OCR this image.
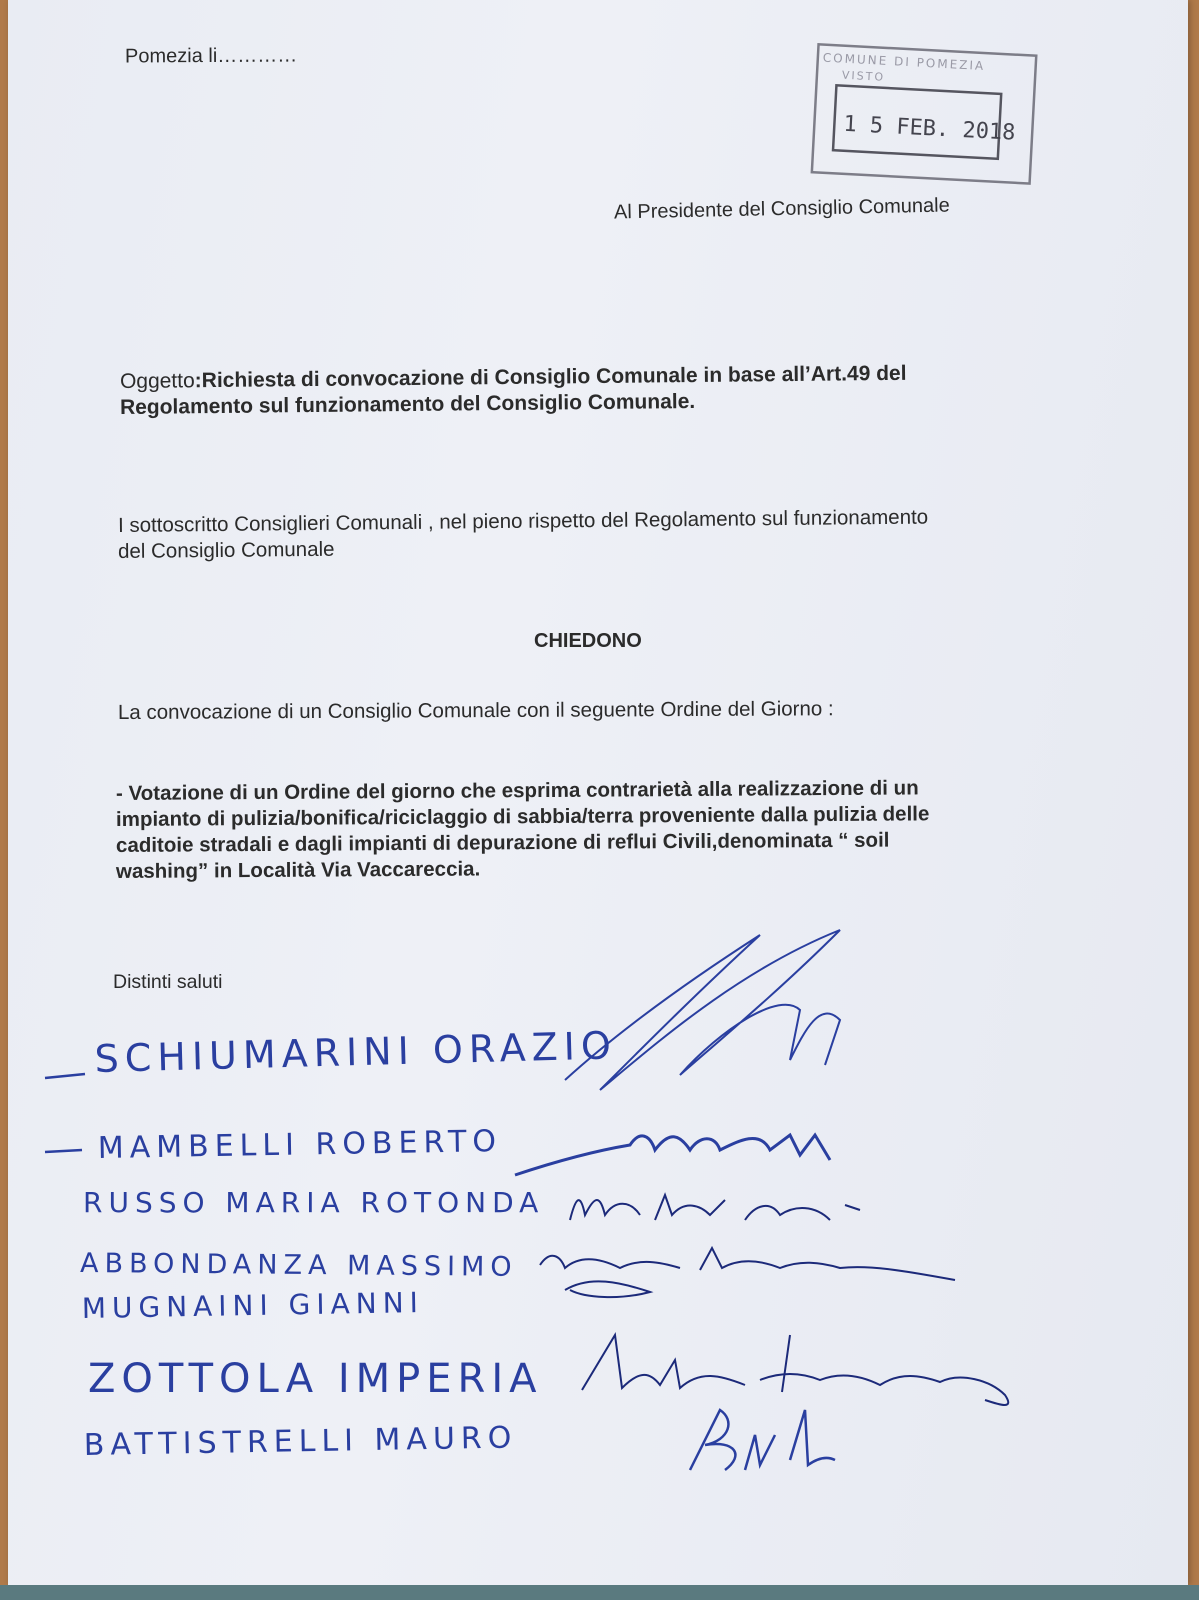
Pomezia li…………	COMUNE DI POMEZIA
VISTO
1 5 FEB. 2018
Al Presidente del Consiglio Comunale
Oggetto:Richiesta di convocazione di Consiglio Comunale in base all’Art.49 del
Regolamento sul funzionamento del Consiglio Comunale.
I sottoscritto Consiglieri Comunali , nel pieno rispetto del Regolamento sul funzionamento
del Consiglio Comunale
CHIEDONO
La convocazione di un Consiglio Comunale con il seguente Ordine del Giorno :
- Votazione di un Ordine del giorno che esprima contrarietà alla realizzazione di un
impianto di pulizia/bonifica/riciclaggio di sabbia/terra proveniente dalla pulizia delle
caditoie stradali e dagli impianti di depurazione di reflui Civili,denominata “ soil
washing” in Località Via Vaccareccia.
Distinti saluti
SCHIUMARINI ORAZIO
MAMBELLI ROBERTO
RUSSO MARIA ROTONDA
ABBONDANZA MASSIMO
MUGNAINI GIANNI
ZOTTOLA IMPERIA
BATTISTRELLI MAURO
